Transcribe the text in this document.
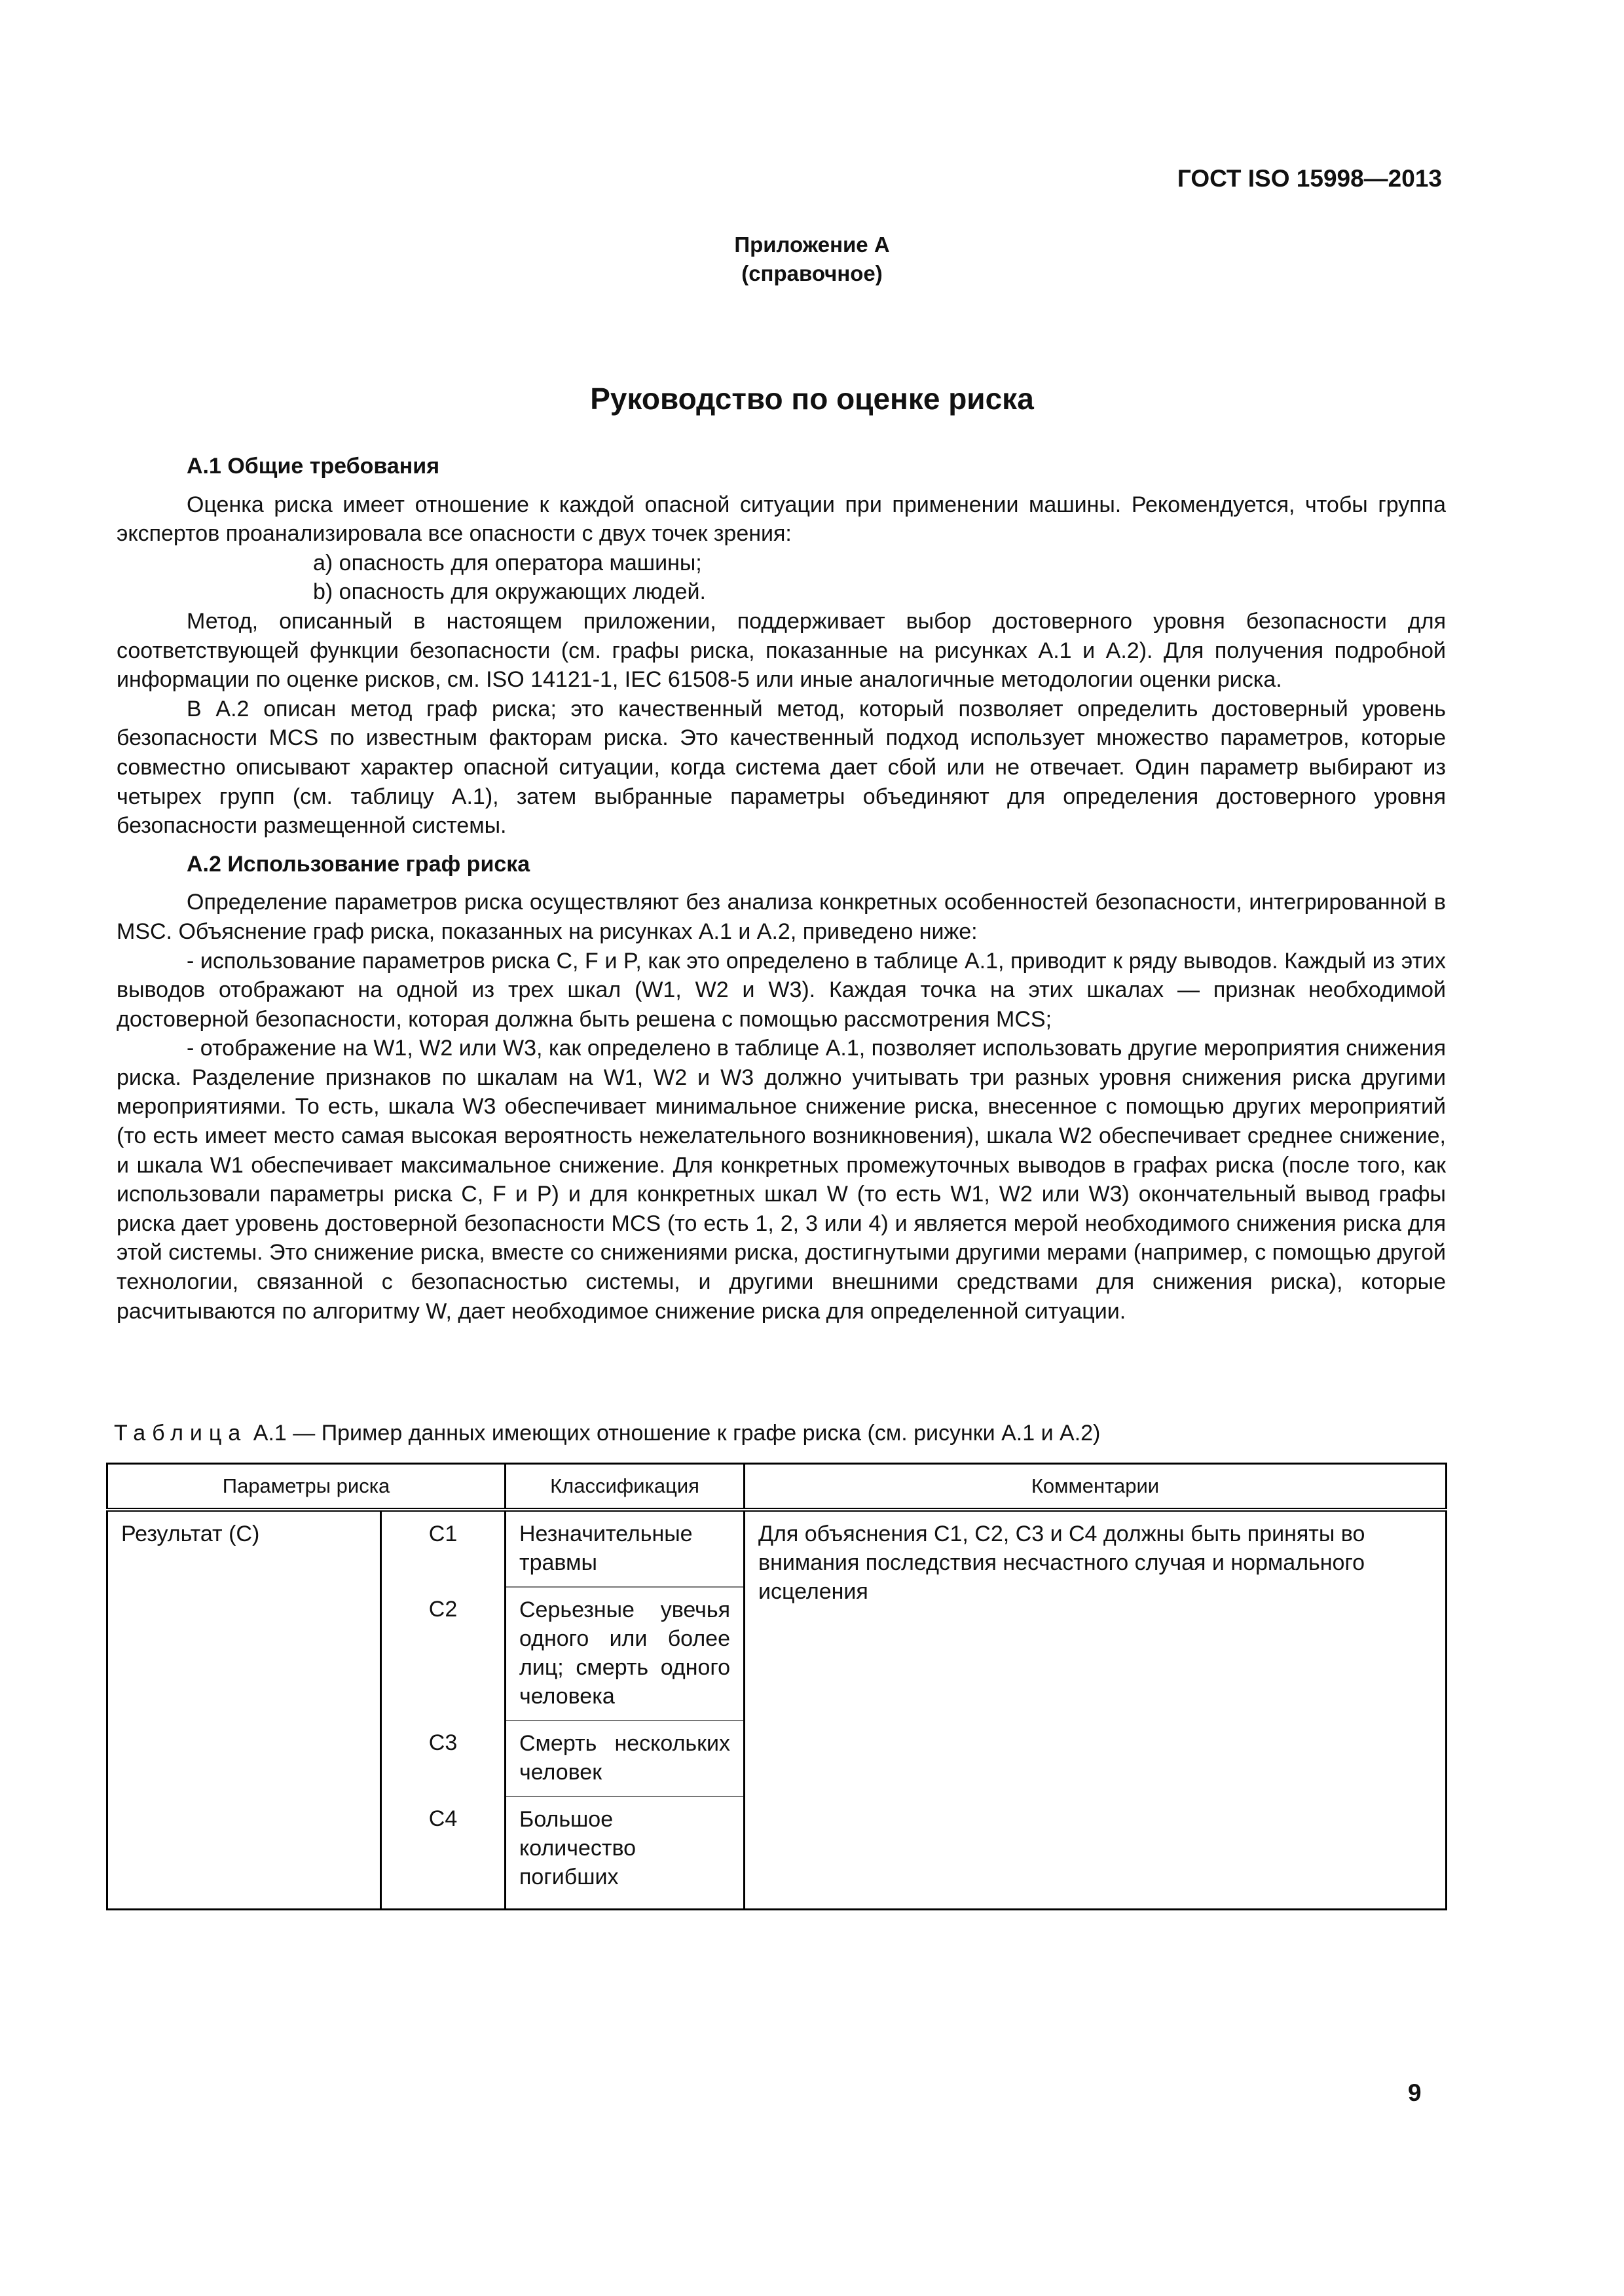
ГОСТ ISO 15998—2013
Приложение А
(справочное)
Руководство по оценке риска

А.1 Общие требования

Оценка риска имеет отношение к каждой опасной ситуации при применении машины. Рекомендуется, чтобы группа экспертов проанализировала все опасности с двух точек зрения:

а) опасность для оператора машины;

b) опасность для окружающих людей.

Метод, описанный в настоящем приложении, поддерживает выбор достоверного уровня безопасности для соответствующей функции безопасности (см. графы риска, показанные на рисунках А.1 и А.2). Для получения подробной информации по оценке рисков, см. ISO 14121-1, IEC 61508-5 или иные аналогичные методологии оценки риска.

В А.2 описан метод граф риска; это качественный метод, который позволяет определить достоверный уровень безопасности MCS по известным факторам риска. Это качественный подход использует множество параметров, которые совместно описывают характер опасной ситуации, когда система дает сбой или не отвечает. Один параметр выбирают из четырех групп (см. таблицу А.1), затем выбранные параметры объединяют для определения достоверного уровня безопасности размещенной системы.

А.2 Использование граф риска

Определение параметров риска осуществляют без анализа конкретных особенностей безопасности, интегрированной в MSC. Объяснение граф риска, показанных на рисунках А.1 и А.2, приведено ниже:

- использование параметров риска C, F и P, как это определено в таблице А.1, приводит к ряду выводов. Каждый из этих выводов отображают на одной из трех шкал (W1, W2 и W3). Каждая точка на этих шкалах — признак необходимой достоверной безопасности, которая должна быть решена с помощью рассмотрения MCS;

- отображение на W1, W2 или W3, как определено в таблице А.1, позволяет использовать другие мероприятия снижения риска. Разделение признаков по шкалам на W1, W2 и W3 должно учитывать три разных уровня снижения риска другими мероприятиями. То есть, шкала W3 обеспечивает минимальное снижение риска, внесенное с помощью других мероприятий (то есть имеет место самая высокая вероятность нежелательного возникновения), шкала W2 обеспечивает среднее снижение, и шкала W1 обеспечивает максимальное снижение. Для конкретных промежуточных выводов в графах риска (после того, как использовали параметры риска C, F и P) и для конкретных шкал W (то есть W1, W2 или W3) окончательный вывод графы риска дает уровень достоверной безопасности MCS (то есть 1, 2, 3 или 4) и является мерой необходимого снижения риска для этой системы. Это снижение риска, вместе со снижениями риска, достигнутыми другими мерами (например, с помощью другой технологии, связанной с безопасностью системы, и другими внешними средствами для снижения риска), которые расчитываются по алгоритму W, дает необходимое снижение риска для определенной ситуации.

Таблица А.1 — Пример данных имеющих отношение к графе риска (см. рисунки А.1 и А.2)
Параметры риска		Классификация	Комментарии
Результат (С)	С1	Незначительные травмы	Для объяснения С1, С2, С3 и С4 должны быть приняты во внимания последствия несчастного случая и нормального исцеления
	С2	Серьезные увечья одного или более лиц; смерть одного человека	
	С3	Смерть нескольких человек	
	С4	Большое количество погибших	
9
